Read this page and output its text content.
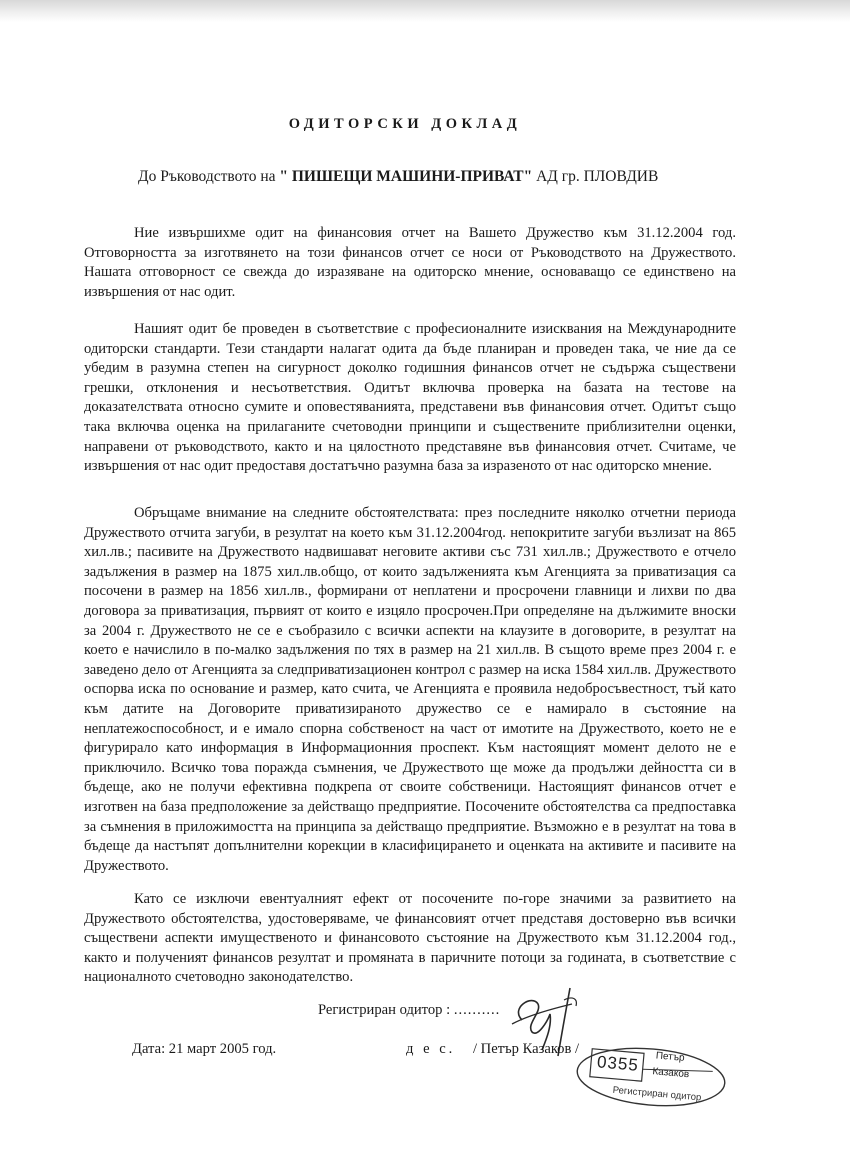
ОДИТОРСКИ ДОКЛАД
До Ръководството на " ПИШЕЩИ МАШИНИ-ПРИВАТ" АД гр. ПЛОВДИВ

Ние извършихме одит на финансовия отчет на Вашето Дружество към 31.12.2004 год. Отговорността за изготвянето на този финансов отчет се носи от Ръководството на Дружеството. Нашата отговорност се свежда до изразяване на одиторско мнение, основаващо се единствено на извършения от нас одит.

Нашият одит бе проведен в съответствие с професионалните изисквания на Международните одиторски стандарти. Тези стандарти налагат одита да бъде планиран и проведен така, че ние да се убедим в разумна степен на сигурност доколко годишния финансов отчет не съдържа съществени грешки, отклонения и несъответствия. Одитът включва проверка на базата на тестове на доказателствата относно сумите и оповестяванията, представени във финансовия отчет. Одитът също така включва оценка на прилаганите счетоводни принципи и съществените приблизителни оценки, направени от ръководството, както и на цялостното представяне във финансовия отчет. Считаме, че извършения от нас одит предоставя достатъчно разумна база за изразеното от нас одиторско мнение.

Обръщаме внимание на следните обстоятелствата: през последните няколко отчетни периода Дружеството отчита загуби, в резултат на което към 31.12.2004год. непокритите загуби възлизат на 865 хил.лв.; пасивите на Дружеството надвишават неговите активи със 731 хил.лв.; Дружеството е отчело задължения в размер на 1875 хил.лв.общо, от които задълженията към Агенцията за приватизация са посочени в размер на 1856 хил.лв., формирани от неплатени и просрочени главници и лихви по два договора за приватизация, първият от които е изцяло просрочен.При определяне на дължимите вноски за 2004 г. Дружеството не се е съобразило с всички аспекти на клаузите в договорите, в резултат на което е начислило в по-малко задължения по тях в размер на 21 хил.лв. В същото време през 2004 г. е заведено дело от Агенцията за следприватизационен контрол с размер на иска 1584 хил.лв. Дружеството оспорва иска по основание и размер, като счита, че Агенцията е проявила недобросъвестност, тъй като към датите на Договорите приватизираното дружество се е намирало в състояние на неплатежоспособност, и е имало спорна собственост на част от имотите на Дружеството, което не е фигурирало като информация в Информационния проспект. Към настоящият момент делото не е приключило. Всичко това поражда съмнения, че Дружеството ще може да продължи дейността си в бъдеще, ако не получи ефективна подкрепа от своите собственици. Настоящият финансов отчет е изготвен на база предположение за действащо предприятие. Посочените обстоятелства са предпоставка за съмнения в приложимостта на принципа за действащо предприятие. Възможно е в резултат на това в бъдеще да настъпят допълнителни корекции в класифицирането и оценката на активите и пасивите на Дружеството.

Като се изключи евентуалният ефект от посочените по-горе значими за развитието на Дружеството обстоятелства, удостоверяваме, че финансовият отчет представя достоверно във всички съществени аспекти имущественото и финансовото състояние на Дружеството към 31.12.2004 год., както и полученият финансов резултат и промяната в паричните потоци за годината, в съответствие с националното счетоводно законодателство.

Регистриран одитор : ..........
Дата: 21 март 2005 год.	д е с. / Петър Казаков /
0355 Петър
Казаков
Регистриран одитор
